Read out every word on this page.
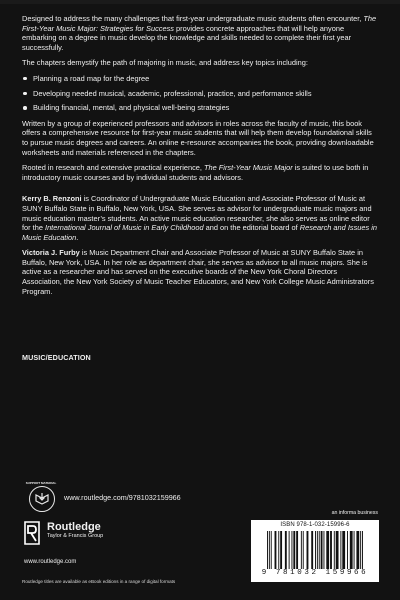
Designed to address the many challenges that first-year undergraduate music students often encounter, The First-Year Music Major: Strategies for Success provides concrete approaches that will help anyone embarking on a degree in music develop the knowledge and skills needed to complete their first year successfully.

The chapters demystify the path of majoring in music, and address key topics including:

Planning a road map for the degree
Developing needed musical, academic, professional, practice, and performance skills
Building financial, mental, and physical well-being strategies

Written by a group of experienced professors and advisors in roles across the faculty of music, this book offers a comprehensive resource for first-year music students that will help them develop foundational skills to pursue music degrees and careers. An online e-resource accompanies the book, providing downloadable worksheets and materials referenced in the chapters.

Rooted in research and extensive practical experience, The First-Year Music Major is suited to use both in introductory music courses and by individual students and advisors.

Kerry B. Renzoni is Coordinator of Undergraduate Music Education and Associate Professor of Music at SUNY Buffalo State in Buffalo, New York, USA. She serves as advisor for undergraduate music majors and music education master’s students. An active music education researcher, she also serves as online editor for the International Journal of Music in Early Childhood and on the editorial board of Research and Issues in Music Education.

Victoria J. Furby is Music Department Chair and Associate Professor of Music at SUNY Buffalo State in Buffalo, New York, USA. In her role as department chair, she serves as advisor to all music majors. She is active as a researcher and has served on the executive boards of the New York Choral Directors Association, the New York Society of Music Teacher Educators, and New York College Music Administrators Program.

MUSIC/EDUCATION
SUPPORT MATERIAL
www.routledge.com/9781032159966
Routledge
Taylor & Francis Group
www.routledge.com
Routledge titles are available as eBook editions in a range of digital formats
an informa business
ISBN 978-1-032-15996-6
9 781032 159966
